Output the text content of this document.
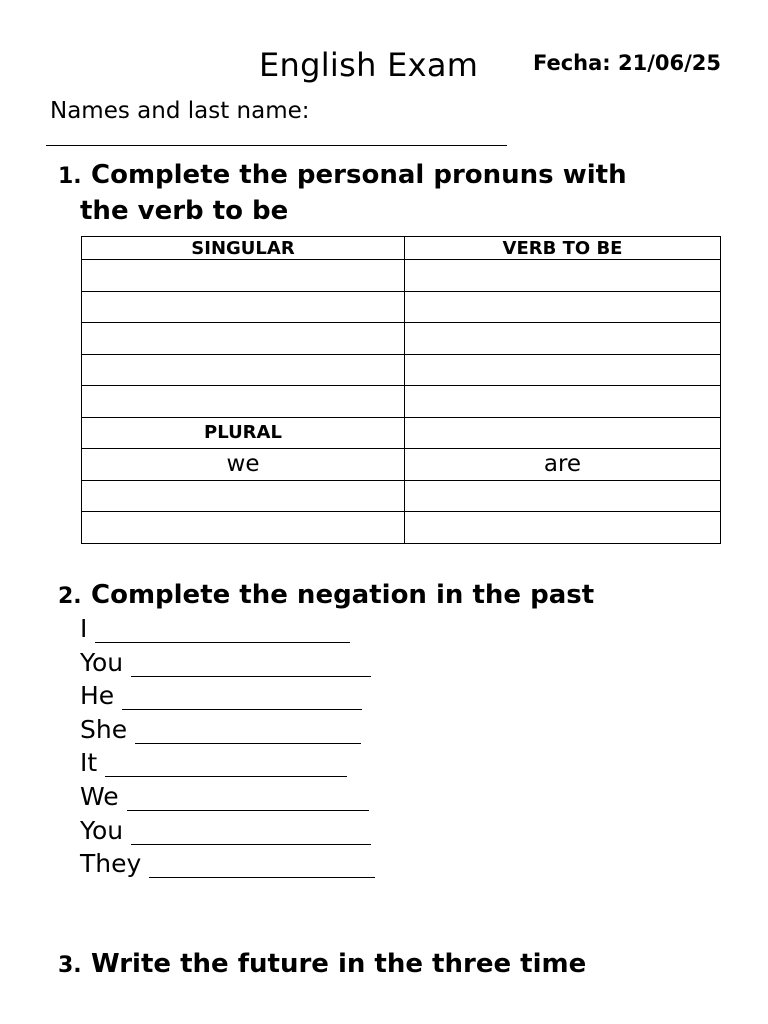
English Exam	Fecha: 21/06/25
Names and last name:
1. Complete the personal pronuns with
the verb to be
SINGULAR	VERB TO BE

PLURAL	
we	are

2. Complete the negation in the past
I
You
He
She
It
We
You
They
3. Write the future in the three time
